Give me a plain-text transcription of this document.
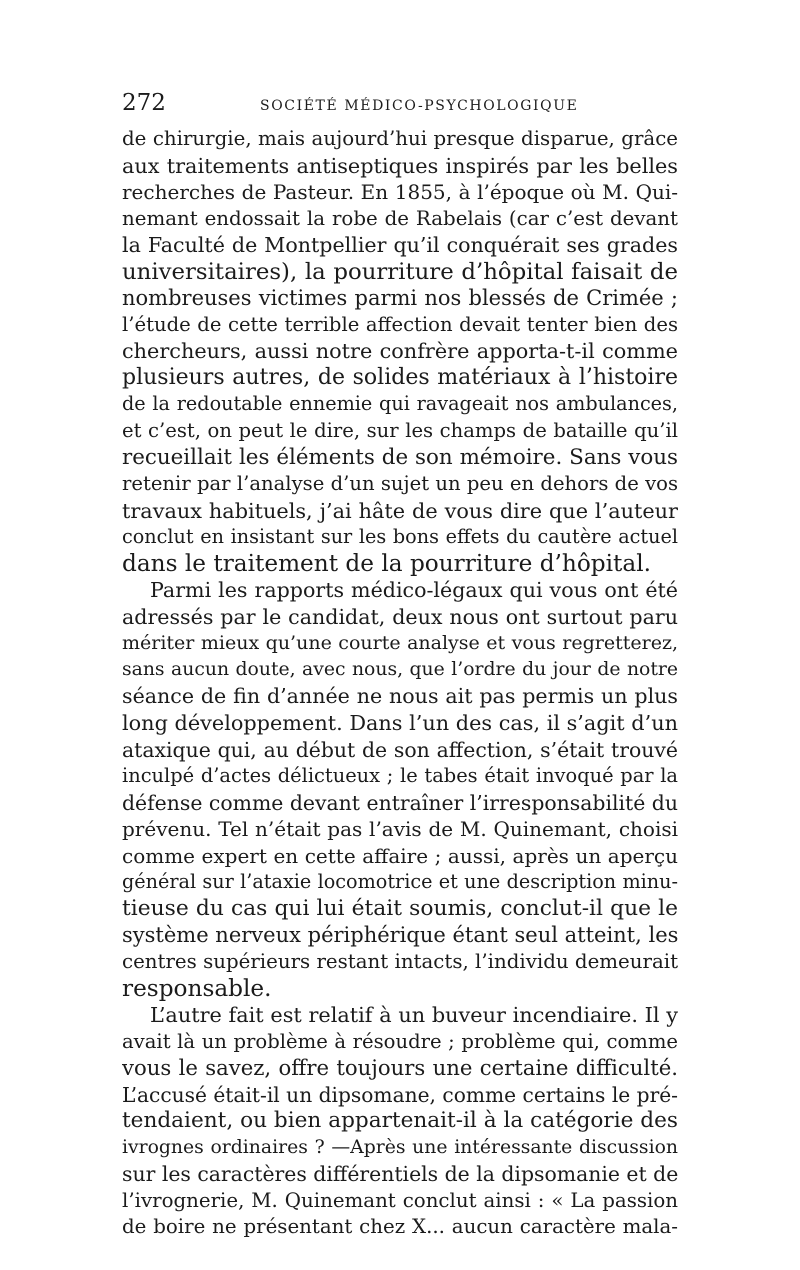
272	SOCIÉTÉ MÉDICO-PSYCHOLOGIQUE
de chirurgie, mais aujourd’hui presque disparue, grâce
aux traitements antiseptiques inspirés par les belles
recherches de Pasteur. En 1855, à l’époque où M. Qui-
nemant endossait la robe de Rabelais (car c’est devant
la Faculté de Montpellier qu’il conquérait ses grades
universitaires), la pourriture d’hôpital faisait de
nombreuses victimes parmi nos blessés de Crimée ;
l’étude de cette terrible affection devait tenter bien des
chercheurs, aussi notre confrère apporta-t-il comme
plusieurs autres, de solides matériaux à l’histoire
de la redoutable ennemie qui ravageait nos ambulances,
et c’est, on peut le dire, sur les champs de bataille qu’il
recueillait les éléments de son mémoire. Sans vous
retenir par l’analyse d’un sujet un peu en dehors de vos
travaux habituels, j’ai hâte de vous dire que l’auteur
conclut en insistant sur les bons effets du cautère actuel
dans le traitement de la pourriture d’hôpital.
Parmi les rapports médico-légaux qui vous ont été
adressés par le candidat, deux nous ont surtout paru
mériter mieux qu’une courte analyse et vous regretterez,
sans aucun doute, avec nous, que l’ordre du jour de notre
séance de fin d’année ne nous ait pas permis un plus
long développement. Dans l’un des cas, il s’agit d’un
ataxique qui, au début de son affection, s’était trouvé
inculpé d’actes délictueux ; le tabes était invoqué par la
défense comme devant entraîner l’irresponsabilité du
prévenu. Tel n’était pas l’avis de M. Quinemant, choisi
comme expert en cette affaire ; aussi, après un aperçu
général sur l’ataxie locomotrice et une description minu-
tieuse du cas qui lui était soumis, conclut-il que le
système nerveux périphérique étant seul atteint, les
centres supérieurs restant intacts, l’individu demeurait
responsable.
L’autre fait est relatif à un buveur incendiaire. Il y
avait là un problème à résoudre ; problème qui, comme
vous le savez, offre toujours une certaine difficulté.
L’accusé était-il un dipsomane, comme certains le pré-
tendaient, ou bien appartenait-il à la catégorie des
ivrognes ordinaires ? —Après une intéressante discussion
sur les caractères différentiels de la dipsomanie et de
l’ivrognerie, M. Quinemant conclut ainsi : « La passion
de boire ne présentant chez X... aucun caractère mala-
